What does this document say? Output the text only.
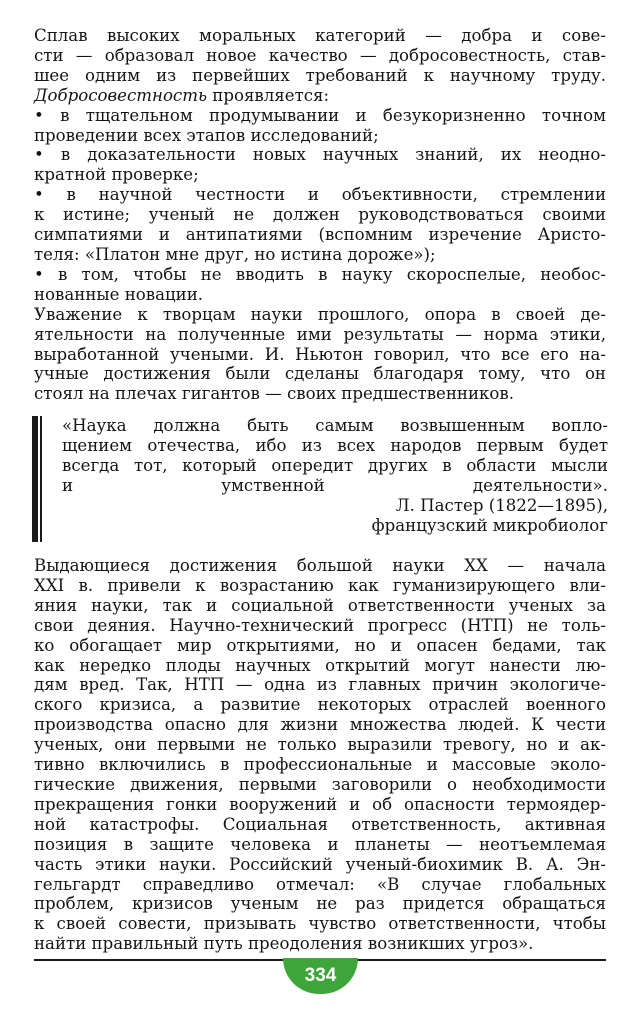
Сплав высоких моральных категорий — добра и сове-
сти — образовал новое качество — добросовестность, став-
шее одним из первейших требований к научному труду.
Добросовестность проявляется:
• в тщательном продумывании и безукоризненно точном
проведении всех этапов исследований;
• в доказательности новых научных знаний, их неодно-
кратной проверке;
• в научной честности и объективности, стремлении
к истине; ученый не должен руководствоваться своими
симпатиями и антипатиями (вспомним изречение Аристо-
теля: «Платон мне друг, но истина дороже»);
• в том, чтобы не вводить в науку скороспелые, необос-
нованные новации.
Уважение к творцам науки прошлого, опора в своей де-
ятельности на полученные ими результаты — норма этики,
выработанной учеными. И. Ньютон говорил, что все его на-
учные достижения были сделаны благодаря тому, что он
стоял на плечах гигантов — своих предшественников.
«Наука должна быть самым возвышенным вопло-
щением отечества, ибо из всех народов первым будет
всегда тот, который опередит других в области мысли
и умственной деятельности».
Л. Пастер (1822—1895),
французский микробиолог
Выдающиеся достижения большой науки XX — начала
XXI в. привели к возрастанию как гуманизирующего вли-
яния науки, так и социальной ответственности ученых за
свои деяния. Научно-технический прогресс (НТП) не толь-
ко обогащает мир открытиями, но и опасен бедами, так
как нередко плоды научных открытий могут нанести лю-
дям вред. Так, НТП — одна из главных причин экологиче-
ского кризиса, а развитие некоторых отраслей военного
производства опасно для жизни множества людей. К чести
ученых, они первыми не только выразили тревогу, но и ак-
тивно включились в профессиональные и массовые эколо-
гические движения, первыми заговорили о необходимости
прекращения гонки вооружений и об опасности термоядер-
ной катастрофы. Социальная ответственность, активная
позиция в защите человека и планеты — неотъемлемая
часть этики науки. Российский ученый-биохимик В. А. Эн-
гельгардт справедливо отмечал: «В случае глобальных
проблем, кризисов ученым не раз придется обращаться
к своей совести, призывать чувство ответственности, чтобы
найти правильный путь преодоления возникших угроз».
334
